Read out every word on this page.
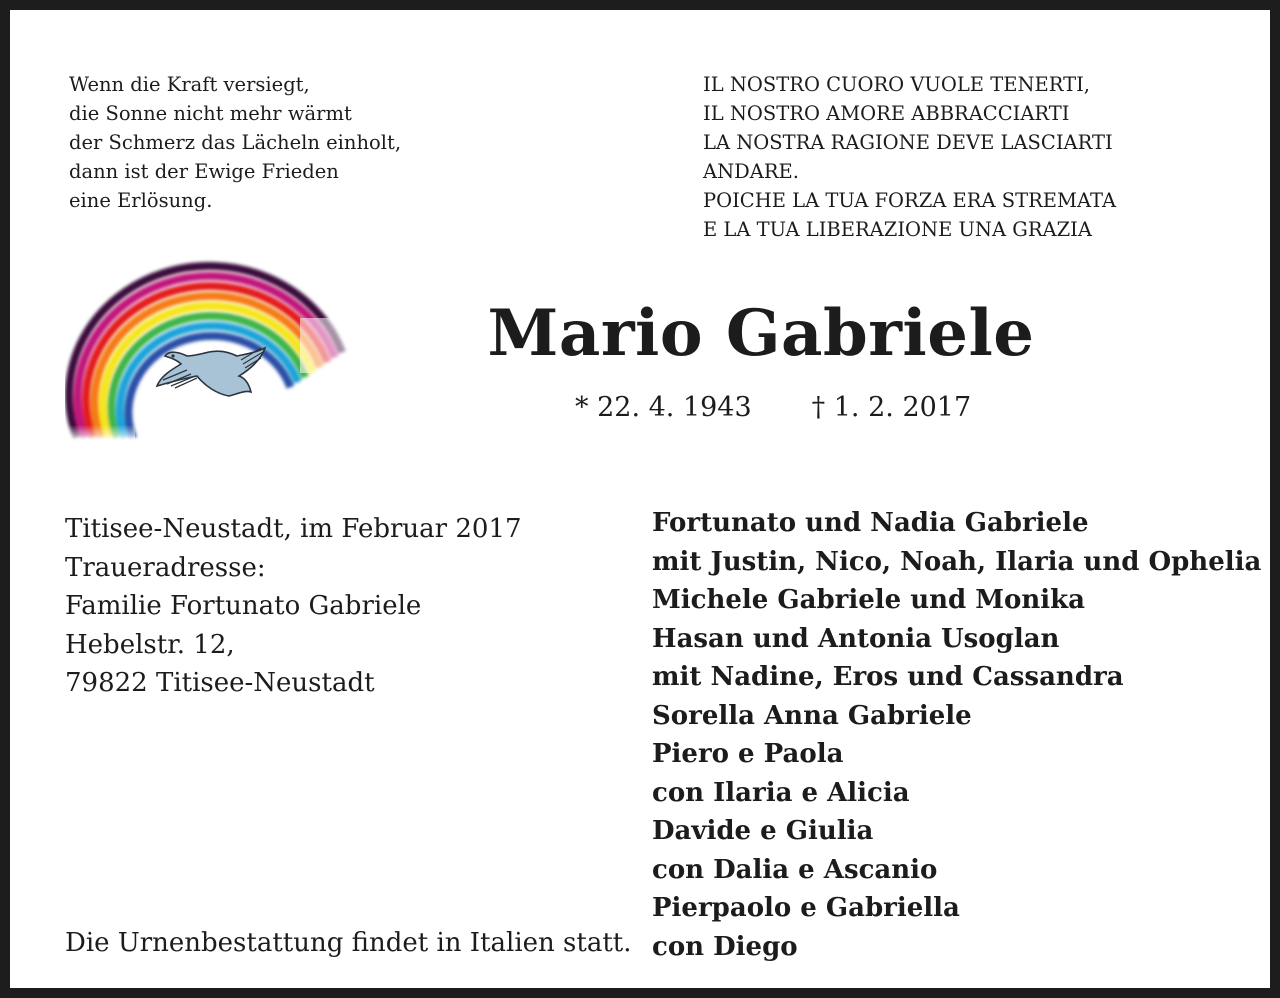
Wenn die Kraft versiegt,
die Sonne nicht mehr wärmt
der Schmerz das Lächeln einholt,
dann ist der Ewige Frieden
eine Erlösung.
IL NOSTRO CUORO VUOLE TENERTI,
IL NOSTRO AMORE ABBRACCIARTI
LA NOSTRA RAGIONE DEVE LASCIARTI
ANDARE.
POICHE LA TUA FORZA ERA STREMATA
E LA TUA LIBERAZIONE UNA GRAZIA
Mario Gabriele
* 22. 4. 1943 † 1. 2. 2017
Titisee-Neustadt, im Februar 2017
Traueradresse:
Familie Fortunato Gabriele
Hebelstr. 12,
79822 Titisee-Neustadt
Die Urnenbestattung findet in Italien statt.
Fortunato und Nadia Gabriele
mit Justin, Nico, Noah, Ilaria und Ophelia
Michele Gabriele und Monika
Hasan und Antonia Usoglan
mit Nadine, Eros und Cassandra
Sorella Anna Gabriele
Piero e Paola
con Ilaria e Alicia
Davide e Giulia
con Dalia e Ascanio
Pierpaolo e Gabriella
con Diego
